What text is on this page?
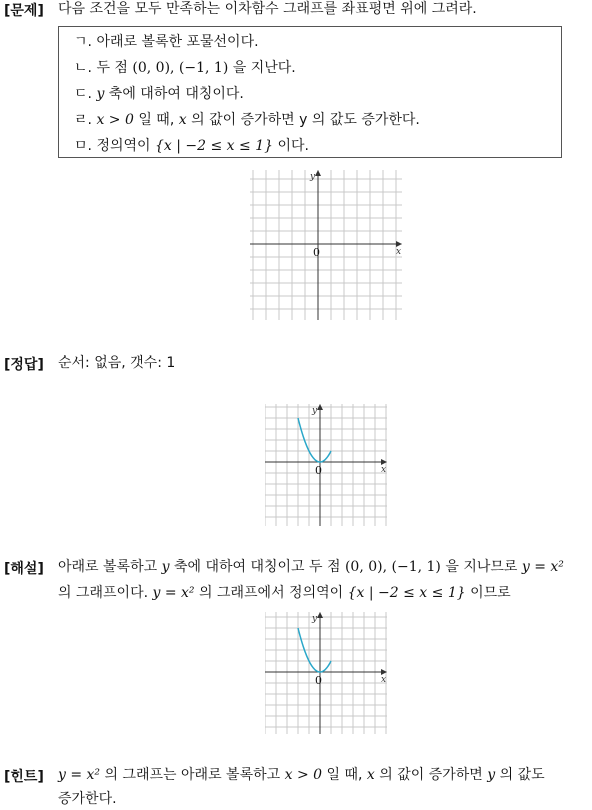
[문제] 다음 조건을 모두 만족하는 이차함수 그래프를 좌표평면 위에 그려라.
ㄱ. 아래로 볼록한 포물선이다.
ㄴ. 두 점 (0, 0), (−1, 1) 을 지난다.
ㄷ. y 축에 대하여 대칭이다.
ㄹ. x > 0 일 때, x 의 값이 증가하면 y 의 값도 증가한다.
ㅁ. 정의역이 {x | −2 ≤ x ≤ 1} 이다.
x
y
0
[정답] 순서: 없음, 갯수: 1
x
y
0
[해설] 아래로 볼록하고 y 축에 대하여 대칭이고 두 점 (0, 0), (−1, 1) 을 지나므로 y = x²
의 그래프이다. y = x² 의 그래프에서 정의역이 {x | −2 ≤ x ≤ 1} 이므로
x
y
0
[힌트] y = x² 의 그래프는 아래로 볼록하고 x > 0 일 때, x 의 값이 증가하면 y 의 값도
증가한다.
